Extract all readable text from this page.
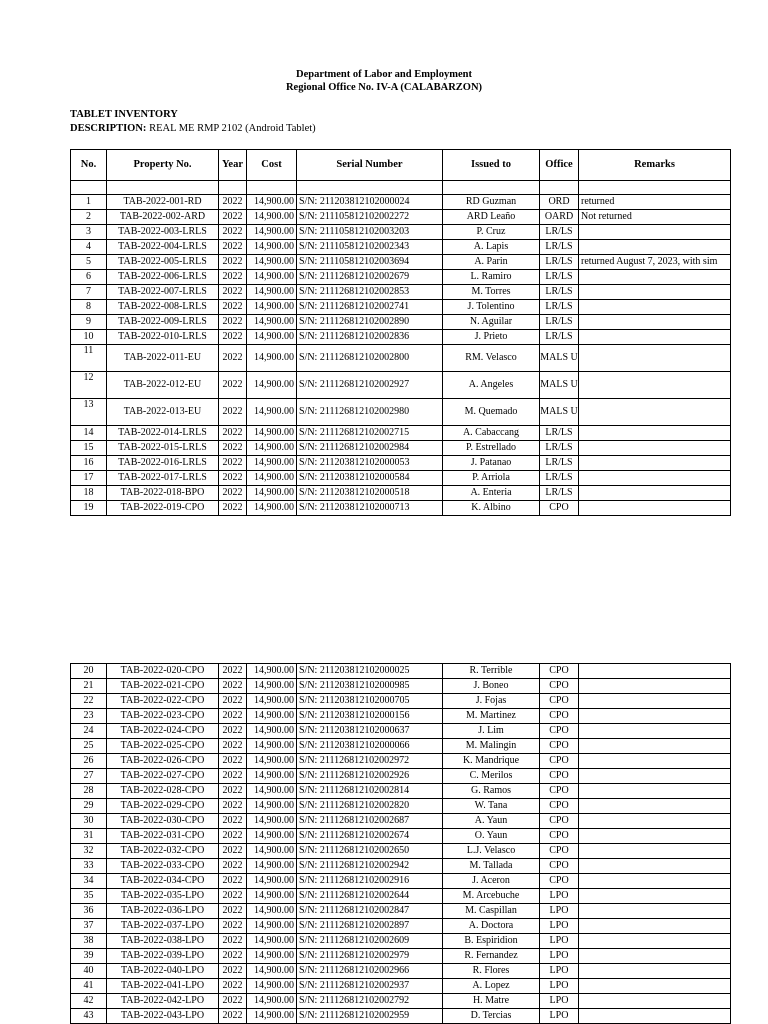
Department of Labor and Employment
Regional Office No. IV-A (CALABARZON)
TABLET INVENTORY
DESCRIPTION: REAL ME RMP 2102 (Android Tablet)
No.	Property No.	Year	Cost	Serial Number	Issued to	Office	Remarks

1	TAB-2022-001-RD	2022	14,900.00	S/N: 211203812102000024	RD Guzman	ORD	returned
2	TAB-2022-002-ARD	2022	14,900.00	S/N: 211105812102002272	ARD Leaño	OARD	Not returned
3	TAB-2022-003-LRLS	2022	14,900.00	S/N: 211105812102003203	P. Cruz	LR/LS	
4	TAB-2022-004-LRLS	2022	14,900.00	S/N: 211105812102002343	A. Lapis	LR/LS	
5	TAB-2022-005-LRLS	2022	14,900.00	S/N: 211105812102003694	A. Parin	LR/LS	returned August 7, 2023, with sim
6	TAB-2022-006-LRLS	2022	14,900.00	S/N: 211126812102002679	L. Ramiro	LR/LS	
7	TAB-2022-007-LRLS	2022	14,900.00	S/N: 211126812102002853	M. Torres	LR/LS	
8	TAB-2022-008-LRLS	2022	14,900.00	S/N: 211126812102002741	J. Tolentino	LR/LS	
9	TAB-2022-009-LRLS	2022	14,900.00	S/N: 211126812102002890	N. Aguilar	LR/LS	
10	TAB-2022-010-LRLS	2022	14,900.00	S/N: 211126812102002836	J. Prieto	LR/LS	
11	TAB-2022-011-EU	2022	14,900.00	S/N: 211126812102002800	RM. Velasco	MALS U	
12	TAB-2022-012-EU	2022	14,900.00	S/N: 211126812102002927	A. Angeles	MALS U	
13	TAB-2022-013-EU	2022	14,900.00	S/N: 211126812102002980	M. Quemado	MALS U	
14	TAB-2022-014-LRLS	2022	14,900.00	S/N: 211126812102002715	A. Cabaccang	LR/LS	
15	TAB-2022-015-LRLS	2022	14,900.00	S/N: 211126812102002984	P. Estrellado	LR/LS	
16	TAB-2022-016-LRLS	2022	14,900.00	S/N: 211203812102000053	J. Patanao	LR/LS	
17	TAB-2022-017-LRLS	2022	14,900.00	S/N: 211203812102000584	P. Arriola	LR/LS	
18	TAB-2022-018-BPO	2022	14,900.00	S/N: 211203812102000518	A. Enteria	LR/LS	
19	TAB-2022-019-CPO	2022	14,900.00	S/N: 211203812102000713	K. Albino	CPO	
20	TAB-2022-020-CPO	2022	14,900.00	S/N: 211203812102000025	R. Terrible	CPO	
21	TAB-2022-021-CPO	2022	14,900.00	S/N: 211203812102000985	J. Boneo	CPO	
22	TAB-2022-022-CPO	2022	14,900.00	S/N: 211203812102000705	J. Fojas	CPO	
23	TAB-2022-023-CPO	2022	14,900.00	S/N: 211203812102000156	M. Martinez	CPO	
24	TAB-2022-024-CPO	2022	14,900.00	S/N: 211203812102000637	J. Lim	CPO	
25	TAB-2022-025-CPO	2022	14,900.00	S/N: 211203812102000066	M. Malingin	CPO	
26	TAB-2022-026-CPO	2022	14,900.00	S/N: 211126812102002972	K. Mandrique	CPO	
27	TAB-2022-027-CPO	2022	14,900.00	S/N: 211126812102002926	C. Merilos	CPO	
28	TAB-2022-028-CPO	2022	14,900.00	S/N: 211126812102002814	G. Ramos	CPO	
29	TAB-2022-029-CPO	2022	14,900.00	S/N: 211126812102002820	W. Tana	CPO	
30	TAB-2022-030-CPO	2022	14,900.00	S/N: 211126812102002687	A. Yaun	CPO	
31	TAB-2022-031-CPO	2022	14,900.00	S/N: 211126812102002674	O. Yaun	CPO	
32	TAB-2022-032-CPO	2022	14,900.00	S/N: 211126812102002650	L.J. Velasco	CPO	
33	TAB-2022-033-CPO	2022	14,900.00	S/N: 211126812102002942	M. Tallada	CPO	
34	TAB-2022-034-CPO	2022	14,900.00	S/N: 211126812102002916	J. Aceron	CPO	
35	TAB-2022-035-LPO	2022	14,900.00	S/N: 211126812102002644	M. Arcebuche	LPO	
36	TAB-2022-036-LPO	2022	14,900.00	S/N: 211126812102002847	M. Caspillan	LPO	
37	TAB-2022-037-LPO	2022	14,900.00	S/N: 211126812102002897	A. Doctora	LPO	
38	TAB-2022-038-LPO	2022	14,900.00	S/N: 211126812102002609	B. Espiridion	LPO	
39	TAB-2022-039-LPO	2022	14,900.00	S/N: 211126812102002979	R. Fernandez	LPO	
40	TAB-2022-040-LPO	2022	14,900.00	S/N: 211126812102002966	R. Flores	LPO	
41	TAB-2022-041-LPO	2022	14,900.00	S/N: 211126812102002937	A. Lopez	LPO	
42	TAB-2022-042-LPO	2022	14,900.00	S/N: 211126812102002792	H. Matre	LPO	
43	TAB-2022-043-LPO	2022	14,900.00	S/N: 211126812102002959	D. Tercias	LPO	
